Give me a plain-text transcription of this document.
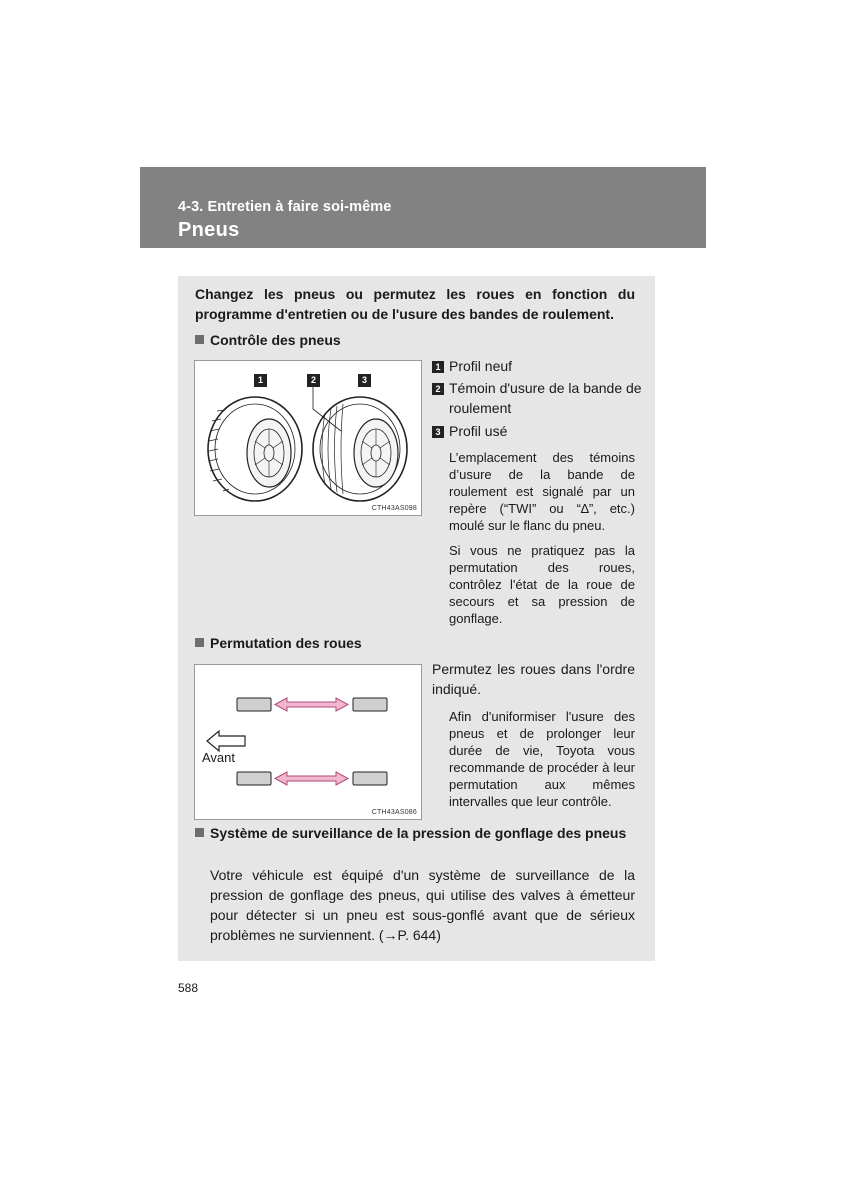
4-3. Entretien à faire soi-même
Pneus
Changez les pneus ou permutez les roues en fonction du programme d'entretien ou de l'usure des bandes de roulement.
Contrôle des pneus
1	2	3
CTH43AS098
1 Profil neuf
2 Témoin d'usure de la bande de roulement
3 Profil usé
L’emplacement des témoins d’usure de la bande de roulement est signalé par un repère (“TWI” ou “∆”, etc.) moulé sur le flanc du pneu.
Si vous ne pratiquez pas la permutation des roues, contrôlez l'état de la roue de secours et sa pression de gonflage.
Permutation des roues
Avant
CTH43AS086
Permutez les roues dans l'ordre indiqué.
Afin d'uniformiser l'usure des pneus et de prolonger leur durée de vie, Toyota vous recommande de procéder à leur permutation aux mêmes intervalles que leur contrôle.
Système de surveillance de la pression de gonflage des pneus
Votre véhicule est équipé d'un système de surveillance de la pression de gonflage des pneus, qui utilise des valves à émetteur pour détecter si un pneu est sous-gonflé avant que de sérieux problèmes ne surviennent. (→P. 644)
588
